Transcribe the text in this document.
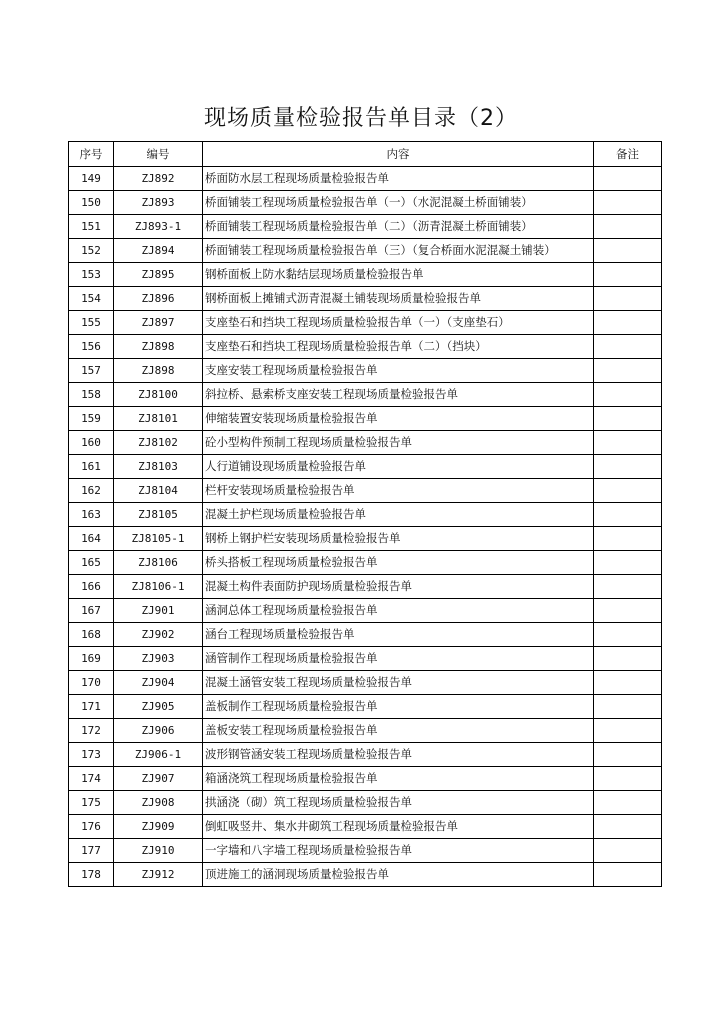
现场质量检验报告单目录（2）
序号	编号	内容	备注
149	ZJ892	桥面防水层工程现场质量检验报告单	
150	ZJ893	桥面铺装工程现场质量检验报告单（一）（水泥混凝土桥面铺装）	
151	ZJ893-1	桥面铺装工程现场质量检验报告单（二）（沥青混凝土桥面铺装）	
152	ZJ894	桥面铺装工程现场质量检验报告单（三）（复合桥面水泥混凝土铺装）	
153	ZJ895	钢桥面板上防水黏结层现场质量检验报告单	
154	ZJ896	钢桥面板上摊铺式沥青混凝土铺装现场质量检验报告单	
155	ZJ897	支座垫石和挡块工程现场质量检验报告单（一）（支座垫石）	
156	ZJ898	支座垫石和挡块工程现场质量检验报告单（二）（挡块）	
157	ZJ898	支座安装工程现场质量检验报告单	
158	ZJ8100	斜拉桥、悬索桥支座安装工程现场质量检验报告单	
159	ZJ8101	伸缩装置安装现场质量检验报告单	
160	ZJ8102	砼小型构件预制工程现场质量检验报告单	
161	ZJ8103	人行道铺设现场质量检验报告单	
162	ZJ8104	栏杆安装现场质量检验报告单	
163	ZJ8105	混凝土护栏现场质量检验报告单	
164	ZJ8105-1	钢桥上钢护栏安装现场质量检验报告单	
165	ZJ8106	桥头搭板工程现场质量检验报告单	
166	ZJ8106-1	混凝土构件表面防护现场质量检验报告单	
167	ZJ901	涵洞总体工程现场质量检验报告单	
168	ZJ902	涵台工程现场质量检验报告单	
169	ZJ903	涵管制作工程现场质量检验报告单	
170	ZJ904	混凝土涵管安装工程现场质量检验报告单	
171	ZJ905	盖板制作工程现场质量检验报告单	
172	ZJ906	盖板安装工程现场质量检验报告单	
173	ZJ906-1	波形钢管涵安装工程现场质量检验报告单	
174	ZJ907	箱涵浇筑工程现场质量检验报告单	
175	ZJ908	拱涵浇（砌）筑工程现场质量检验报告单	
176	ZJ909	倒虹吸竖井、集水井砌筑工程现场质量检验报告单	
177	ZJ910	一字墙和八字墙工程现场质量检验报告单	
178	ZJ912	顶进施工的涵洞现场质量检验报告单	
